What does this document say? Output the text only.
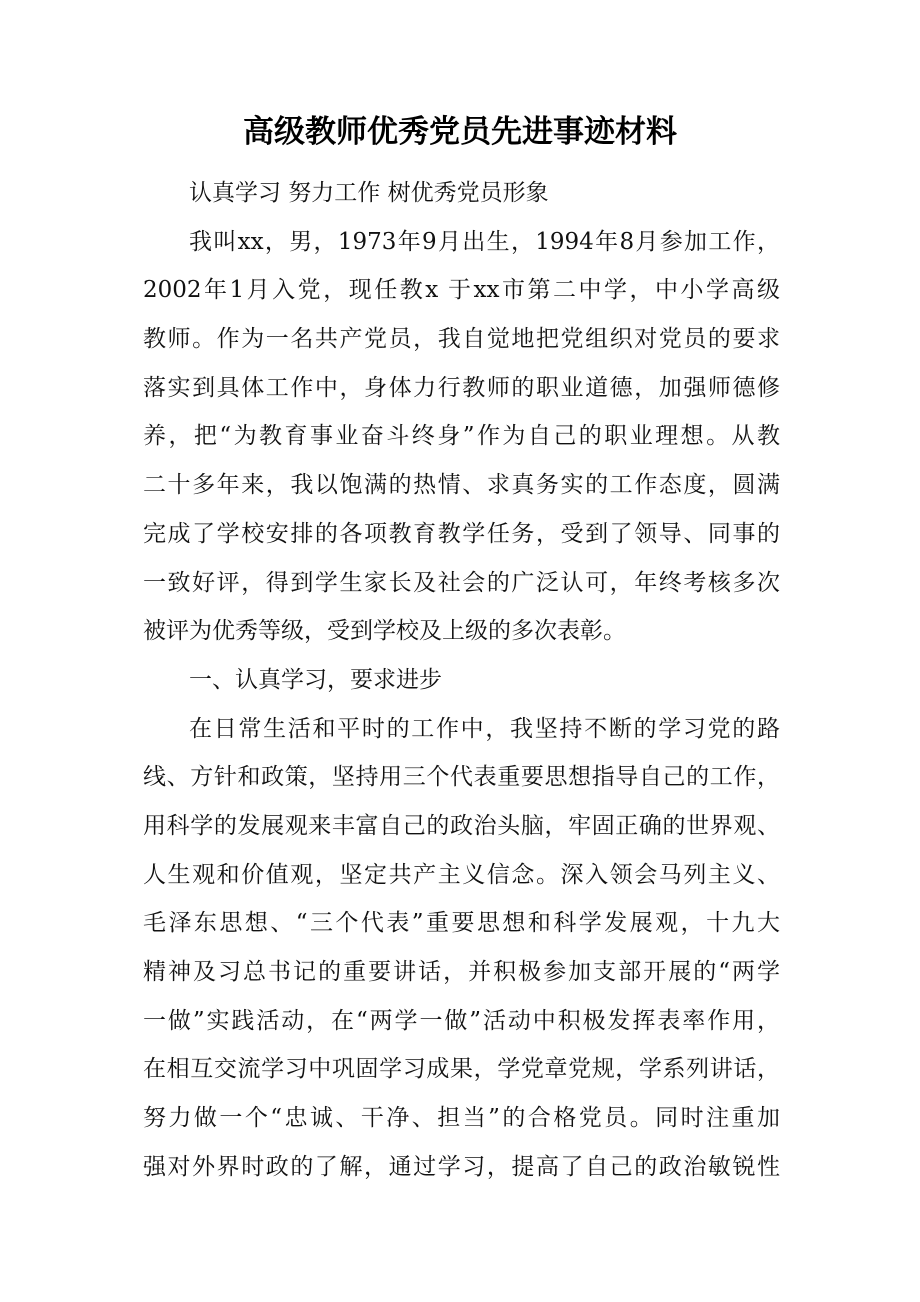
高级教师优秀党员先进事迹材料
认真学习 努力工作 树优秀党员形象
我叫xx，男，1973年9月出生，1994年8月参加工作，
2002年1月入党，现任教x 于xx市第二中学，中小学高级
教师。作为一名共产党员，我自觉地把党组织对党员的要求
落实到具体工作中，身体力行教师的职业道德，加强师德修
养，把“为教育事业奋斗终身”作为自己的职业理想。从教
二十多年来，我以饱满的热情、求真务实的工作态度，圆满
完成了学校安排的各项教育教学任务，受到了领导、同事的
一致好评，得到学生家长及社会的广泛认可，年终考核多次
被评为优秀等级，受到学校及上级的多次表彰。
一、认真学习，要求进步
在日常生活和平时的工作中，我坚持不断的学习党的路
线、方针和政策，坚持用三个代表重要思想指导自己的工作，
用科学的发展观来丰富自己的政治头脑，牢固正确的世界观、
人生观和价值观，坚定共产主义信念。深入领会马列主义、
毛泽东思想、“三个代表”重要思想和科学发展观，十九大
精神及习总书记的重要讲话，并积极参加支部开展的“两学
一做”实践活动，在“两学一做”活动中积极发挥表率作用，
在相互交流学习中巩固学习成果，学党章党规，学系列讲话，
努力做一个“忠诚、干净、担当”的合格党员。同时注重加
强对外界时政的了解，通过学习，提高了自己的政治敏锐性
